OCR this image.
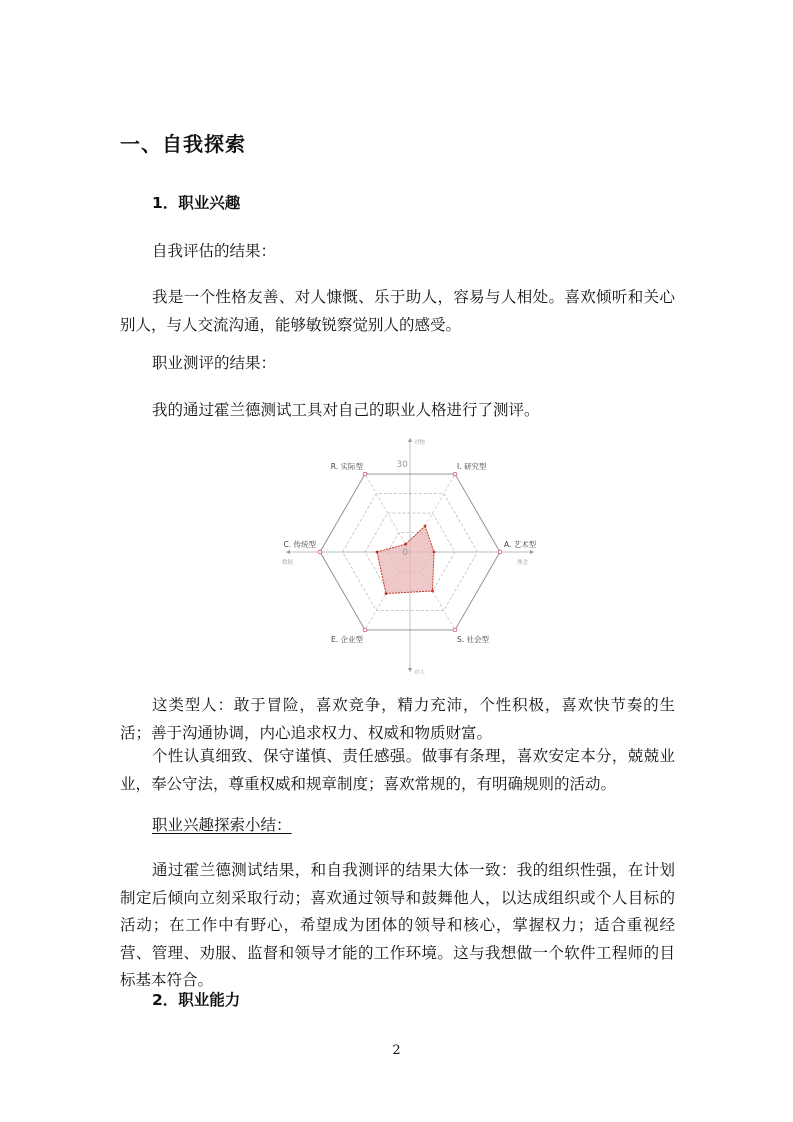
一、自我探索
1．职业兴趣
自我评估的结果：
我是一个性格友善、对人慷慨、乐于助人，容易与人相处。喜欢倾听和关心别人，与人交流沟通，能够敏锐察觉别人的感受。
职业测评的结果：
我的通过霍兰德测试工具对自己的职业人格进行了测评。
I. 研究型
A. 艺术型
S. 社会型
E. 企业型
C. 传统型
R. 实际型	30
0
对物
理念
对人
数据
这类型人：敢于冒险，喜欢竞争，精力充沛，个性积极，喜欢快节奏的生活；善于沟通协调，内心追求权力、权威和物质财富。
个性认真细致、保守谨慎、责任感强。做事有条理，喜欢安定本分，兢兢业业，奉公守法，尊重权威和规章制度；喜欢常规的，有明确规则的活动。
职业兴趣探索小结：
通过霍兰德测试结果，和自我测评的结果大体一致：我的组织性强，在计划制定后倾向立刻采取行动；喜欢通过领导和鼓舞他人，以达成组织或个人目标的活动；在工作中有野心，希望成为团体的领导和核心，掌握权力；适合重视经营、管理、劝服、监督和领导才能的工作环境。这与我想做一个软件工程师的目标基本符合。
2．职业能力
2
